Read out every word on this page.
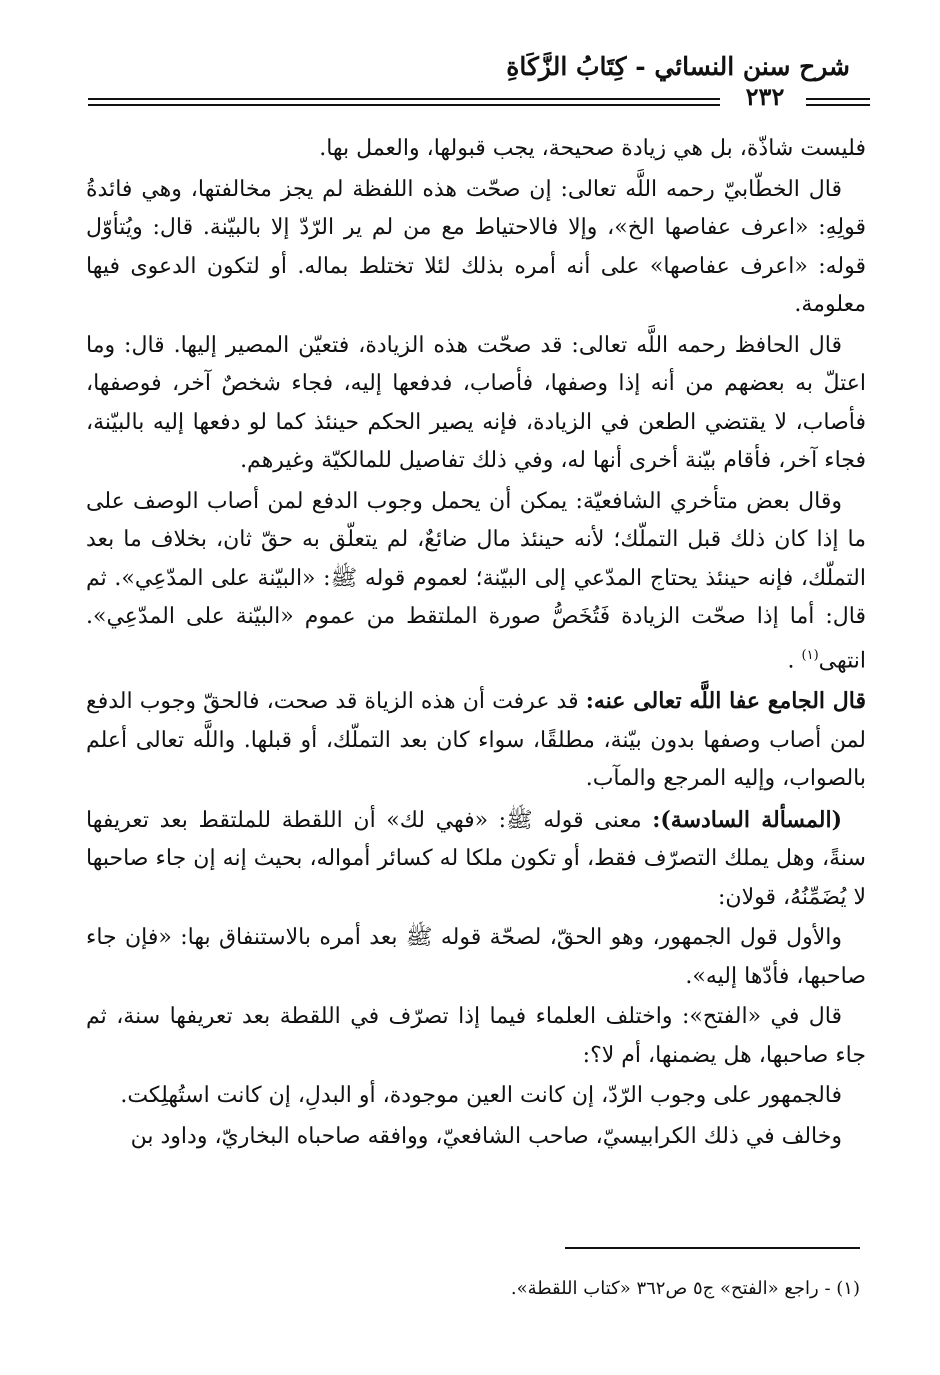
شرح سنن النسائي - كِتَابُ الزَّكَاةِ
٢٣٢

فليست شاذّة، بل هي زيادة صحيحة، يجب قبولها، والعمل بها.

قال الخطّابيّ رحمه اللَّه تعالى: إن صحّت هذه اللفظة لم يجز مخالفتها، وهي فائدةُ قولِهِ: «اعرف عفاصها الخ»، وإلا فالاحتياط مع من لم ير الرّدّ إلا بالبيّنة. قال: ويُتأوّل قوله: «اعرف عفاصها» على أنه أمره بذلك لئلا تختلط بماله. أو لتكون الدعوى فيها معلومة.

قال الحافظ رحمه اللَّه تعالى: قد صحّت هذه الزيادة، فتعيّن المصير إليها. قال: وما اعتلّ به بعضهم من أنه إذا وصفها، فأصاب، فدفعها إليه، فجاء شخصٌ آخر، فوصفها، فأصاب، لا يقتضي الطعن في الزيادة، فإنه يصير الحكم حينئذ كما لو دفعها إليه بالبيّنة، فجاء آخر، فأقام بيّنة أخرى أنها له، وفي ذلك تفاصيل للمالكيّة وغيرهم.

وقال بعض متأخري الشافعيّة: يمكن أن يحمل وجوب الدفع لمن أصاب الوصف على ما إذا كان ذلك قبل التملّك؛ لأنه حينئذ مال ضائعٌ، لم يتعلّق به حقّ ثان، بخلاف ما بعد التملّك، فإنه حينئذ يحتاج المدّعي إلى البيّنة؛ لعموم قوله ﷺ: «البيّنة على المدّعِي». ثم قال: أما إذا صحّت الزيادة فَتُخَصُّ صورة الملتقط من عموم «البيّنة على المدّعِي». انتهى$^{(١)}$ .

قال الجامع عفا اللَّه تعالى عنه: قد عرفت أن هذه الزياة قد صحت، فالحقّ وجوب الدفع لمن أصاب وصفها بدون بيّنة، مطلقًا، سواء كان بعد التملّك، أو قبلها. واللَّه تعالى أعلم بالصواب، وإليه المرجع والمآب.

(المسألة السادسة): معنى قوله ﷺ: «فهي لك» أن اللقطة للملتقط بعد تعريفها سنةً، وهل يملك التصرّف فقط، أو تكون ملكا له كسائر أمواله، بحيث إنه إن جاء صاحبها لا يُضَمِّنُهُ، قولان:

والأول قول الجمهور، وهو الحقّ، لصحّة قوله ﷺ بعد أمره بالاستنفاق بها: «فإن جاء صاحبها، فأدّها إليه».

قال في «الفتح»: واختلف العلماء فيما إذا تصرّف في اللقطة بعد تعريفها سنة، ثم جاء صاحبها، هل يضمنها، أم لا؟:

فالجمهور على وجوب الرّدّ، إن كانت العين موجودة، أو البدلِ، إن كانت استُهلِكت.

وخالف في ذلك الكرابيسيّ، صاحب الشافعيّ، ووافقه صاحباه البخاريّ، وداود بن

(١) - راجع «الفتح» ج٥ ص٣٦٢ «كتاب اللقطة».
